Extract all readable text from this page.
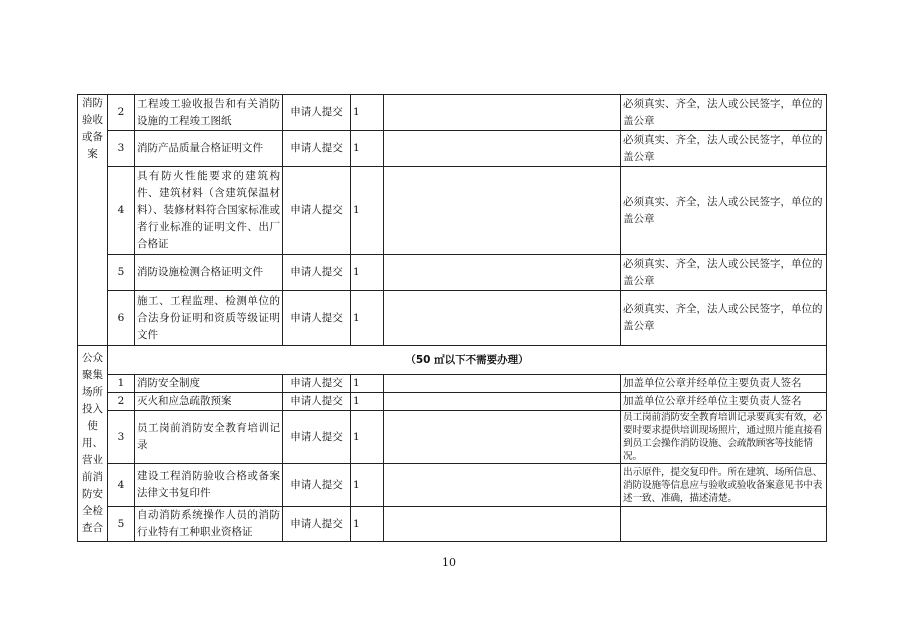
消防验收或备案	2	工程竣工验收报告和有关消防设施的工程竣工图纸	申请人提交	1		必须真实、齐全，法人或公民签字，单位的盖公章
	3	消防产品质量合格证明文件	申请人提交	1		必须真实、齐全，法人或公民签字，单位的盖公章
	4	具有防火性能要求的建筑构件、建筑材料（含建筑保温材料）、装修材料符合国家标准或者行业标准的证明文件、出厂合格证	申请人提交	1		必须真实、齐全，法人或公民签字，单位的盖公章
	5	消防设施检测合格证明文件	申请人提交	1		必须真实、齐全，法人或公民签字，单位的盖公章
	6	施工、工程监理、检测单位的合法身份证明和资质等级证明文件	申请人提交	1		必须真实、齐全，法人或公民签字，单位的盖公章
公众聚集场所投入使用、营业前消防安全检查合	（50 ㎡以下不需要办理）					
	1	消防安全制度	申请人提交	1		加盖单位公章并经单位主要负责人签名
	2	灭火和应急疏散预案	申请人提交	1		加盖单位公章并经单位主要负责人签名
	3	员工岗前消防安全教育培训记录	申请人提交	1		员工岗前消防安全教育培训记录要真实有效，必要时要求提供培训现场照片，通过照片能直接看到员工会操作消防设施、会疏散顾客等技能情况。
	4	建设工程消防验收合格或备案法律文书复印件	申请人提交	1		出示原件，提交复印件。所在建筑、场所信息、消防设施等信息应与验收或验收备案意见书中表述一致、准确，描述清楚。
	5	自动消防系统操作人员的消防行业特有工种职业资格证	申请人提交	1		
10
